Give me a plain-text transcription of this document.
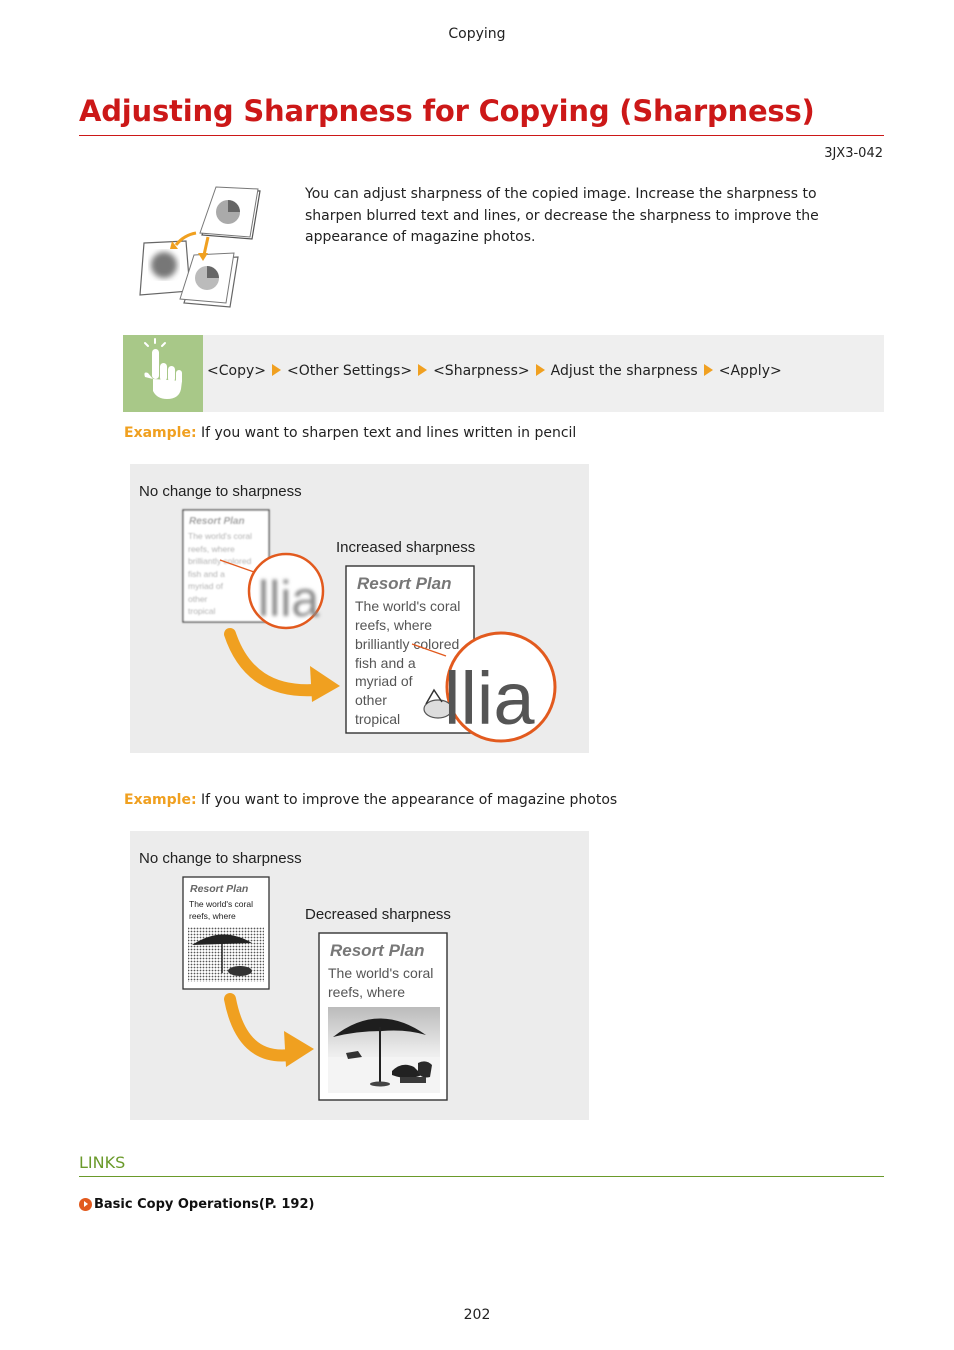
Copying
Adjusting Sharpness for Copying (Sharpness)
3JX3-042
You can adjust sharpness of the copied image. Increase the sharpness to sharpen blurred text and lines, or decrease the sharpness to improve the appearance of magazine photos.
<Copy> <Other Settings> <Sharpness> Adjust the sharpness <Apply>
Example: If you want to sharpen text and lines written in pencil
No change to sharpness
Resort Plan
The world's coral
reefs, where
brilliantly colored
fish and a
myriad of
other
tropical llia
Increased sharpness
Resort Plan
The world's coral
reefs, where
brilliantly colored
fish and a
myriad of
other
tropical llia
Example: If you want to improve the appearance of magazine photos
No change to sharpness
Resort Plan
The world's coral
reefs, where	Decreased sharpness
Resort Plan
The world's coral
reefs, where
LINKS
Basic Copy Operations(P. 192)
202
